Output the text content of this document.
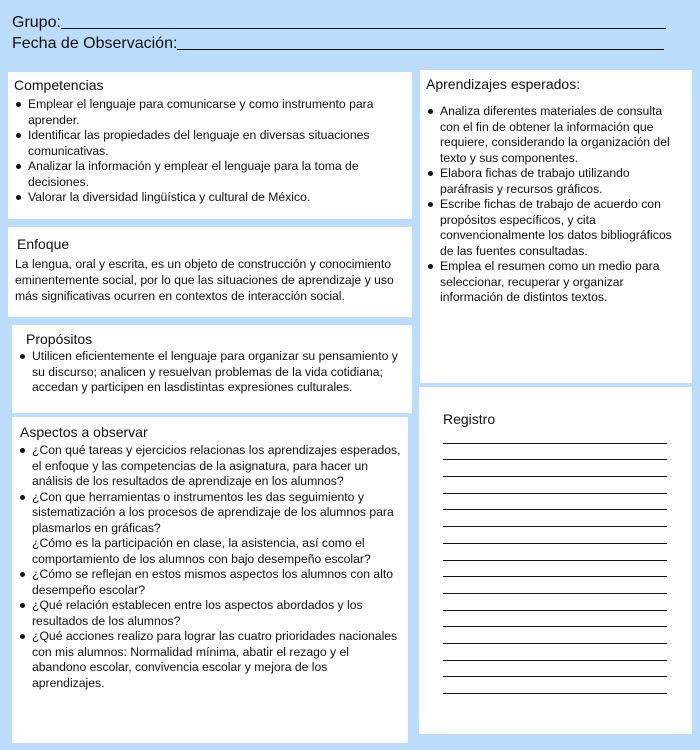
Grupo:
Fecha de Observación:
Competencias
Emplear el lenguaje para comunicarse y como instrumento para aprender.
Identificar las propiedades del lenguaje en diversas situaciones comunicativas.
Analizar la información y emplear el lenguaje para la toma de decisiones.
Valorar la diversidad lingüística y cultural de México.
Enfoque

La lengua, oral y escrita, es un objeto de construcción y conocimiento eminentemente social, por lo que las situaciones de aprendizaje y uso más significativas ocurren en contextos de interacción social.

Propósitos
Utilicen eficientemente el lenguaje para organizar su pensamiento y su discurso; analicen y resuelvan problemas de la vida cotidiana; accedan y participen en lasdistintas expresiones culturales.
Aspectos a observar
¿Con qué tareas y ejercicios relacionas los aprendizajes esperados, el enfoque y las competencias de la asignatura, para hacer un análisis de los resultados de aprendizaje en los alumnos?
¿Con que herramientas o instrumentos les das seguimiento y sistematización a los procesos de aprendizaje de los alumnos para plasmarlos en gráficas?
¿Cómo es la participación en clase, la asistencia, así como el comportamiento de los alumnos con bajo desempeño escolar?
¿Cómo se reflejan en estos mismos aspectos los alumnos con alto desempeño escolar?
¿Qué relación establecen entre los aspectos abordados y los resultados de los alumnos?
¿Qué acciones realizo para lograr las cuatro prioridades nacionales con mis alumnos: Normalidad mínima, abatir el rezago y el abandono escolar, convivencia escolar y mejora de los aprendizajes.
Aprendizajes esperados:
Analiza diferentes materiales de consulta con el fin de obtener la información que requiere, considerando la organización del texto y sus componentes.
Elabora fichas de trabajo utilizando paráfrasis y recursos gráficos.
Escribe fichas de trabajo de acuerdo con propósitos específicos, y cita convencionalmente los datos bibliográficos de las fuentes consultadas.
Emplea el resumen como un medio para seleccionar, recuperar y organizar información de distintos textos.
Registro
